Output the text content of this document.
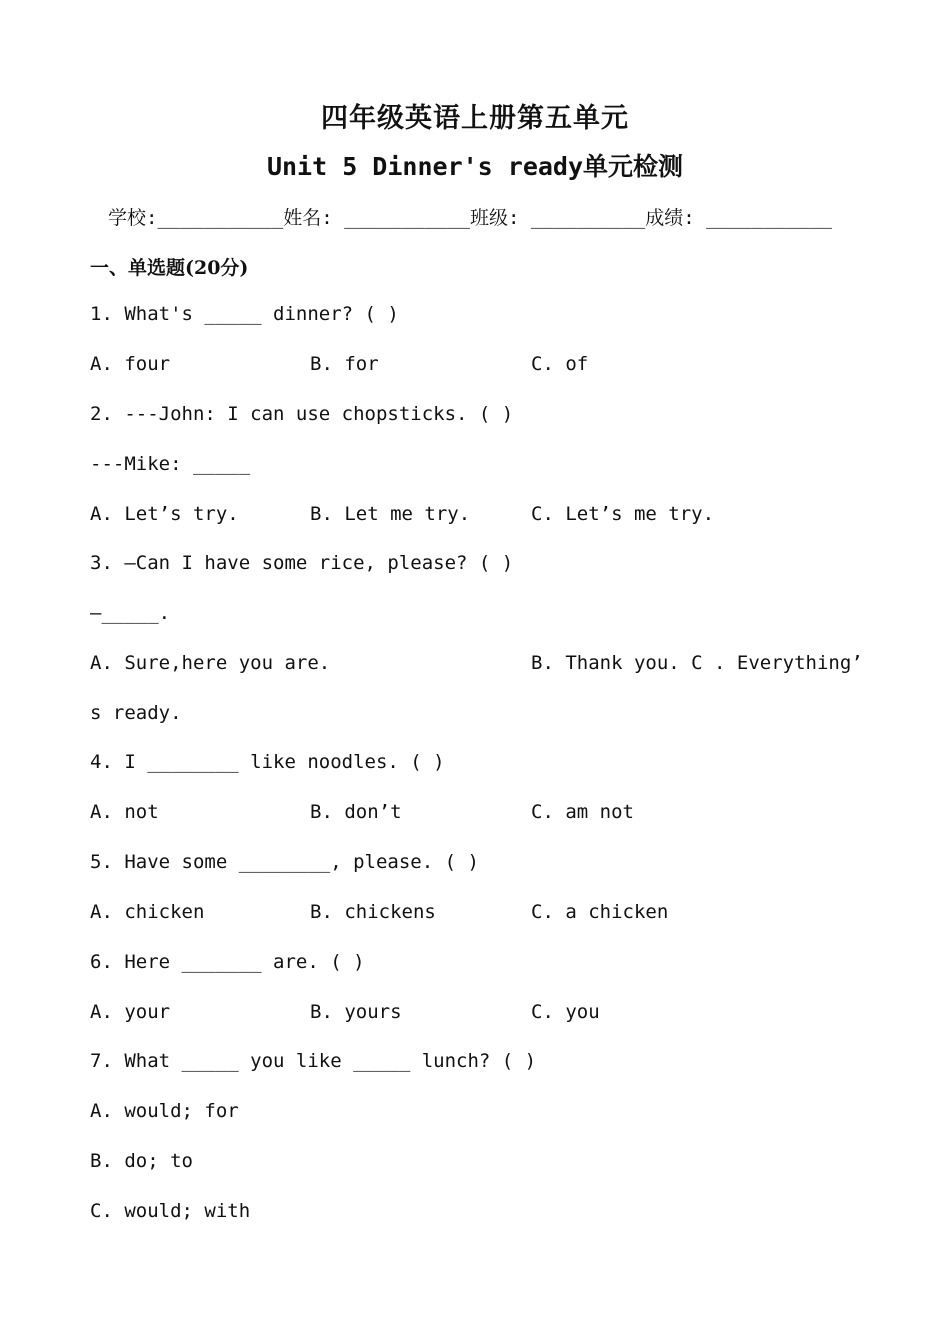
四年级英语上册第五单元
Unit 5 Dinner's ready单元检测
学校:___________姓名: ___________班级: __________成绩: ___________
一、单选题(20分)
1. What's _____ dinner? ( )
A. four	B. for	C. of
2. ---John: I can use chopsticks. ( )
---Mike: _____
A. Let’s try.	B. Let me try.	C. Let’s me try.
3. —Can I have some rice, please? ( )
—_____.
A. Sure,here you are.	B. Thank you. C . Everything’
s ready.
4. I ________ like noodles. ( )
A. not	B. don’t	C. am not
5. Have some ________, please. ( )
A. chicken	B. chickens	C. a chicken
6. Here _______ are. ( )
A. your	B. yours	C. you
7. What _____ you like _____ lunch? ( )
A. would; for
B. do; to
C. would; with
